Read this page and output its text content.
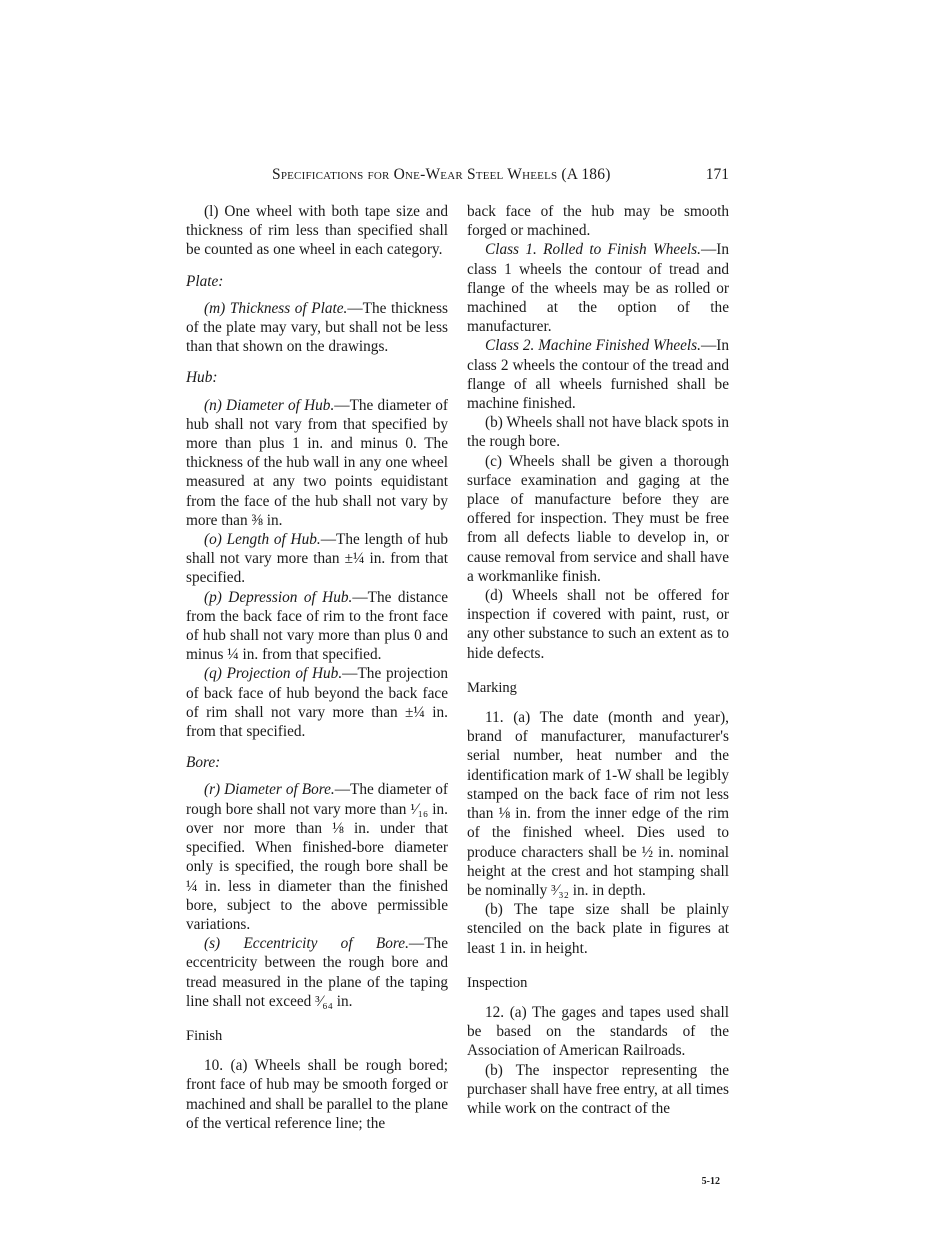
Specifications for One-Wear Steel Wheels (A 186)	171

(l) One wheel with both tape size and thickness of rim less than specified shall be counted as one wheel in each category.

Plate:

(m) Thickness of Plate.—The thickness of the plate may vary, but shall not be less than that shown on the drawings.

Hub:

(n) Diameter of Hub.—The diameter of hub shall not vary from that specified by more than plus 1 in. and minus 0. The thickness of the hub wall in any one wheel measured at any two points equidistant from the face of the hub shall not vary by more than ⅜ in.

(o) Length of Hub.—The length of hub shall not vary more than ±¼ in. from that specified.

(p) Depression of Hub.—The distance from the back face of rim to the front face of hub shall not vary more than plus 0 and minus ¼ in. from that specified.

(q) Projection of Hub.—The projection of back face of hub beyond the back face of rim shall not vary more than ±¼ in. from that specified.

Bore:

(r) Diameter of Bore.—The diameter of rough bore shall not vary more than ¹⁄₁₆ in. over nor more than ⅛ in. under that specified. When finished-bore diameter only is specified, the rough bore shall be ¼ in. less in diameter than the finished bore, subject to the above permissible variations.

(s) Eccentricity of Bore.—The eccentricity between the rough bore and tread measured in the plane of the taping line shall not exceed ³⁄₆₄ in.

Finish

10. (a) Wheels shall be rough bored; front face of hub may be smooth forged or machined and shall be parallel to the plane of the vertical reference line; the

back face of the hub may be smooth forged or machined.

Class 1. Rolled to Finish Wheels.—In class 1 wheels the contour of tread and flange of the wheels may be as rolled or machined at the option of the manufacturer.

Class 2. Machine Finished Wheels.—In class 2 wheels the contour of the tread and flange of all wheels furnished shall be machine finished.

(b) Wheels shall not have black spots in the rough bore.

(c) Wheels shall be given a thorough surface examination and gaging at the place of manufacture before they are offered for inspection. They must be free from all defects liable to develop in, or cause removal from service and shall have a workmanlike finish.

(d) Wheels shall not be offered for inspection if covered with paint, rust, or any other substance to such an extent as to hide defects.

Marking

11. (a) The date (month and year), brand of manufacturer, manufacturer's serial number, heat number and the identification mark of 1-W shall be legibly stamped on the back face of rim not less than ⅛ in. from the inner edge of the rim of the finished wheel. Dies used to produce characters shall be ½ in. nominal height at the crest and hot stamping shall be nominally ³⁄₃₂ in. in depth.

(b) The tape size shall be plainly stenciled on the back plate in figures at least 1 in. in height.

Inspection

12. (a) The gages and tapes used shall be based on the standards of the Association of American Railroads.

(b) The inspector representing the purchaser shall have free entry, at all times while work on the contract of the

5-12
